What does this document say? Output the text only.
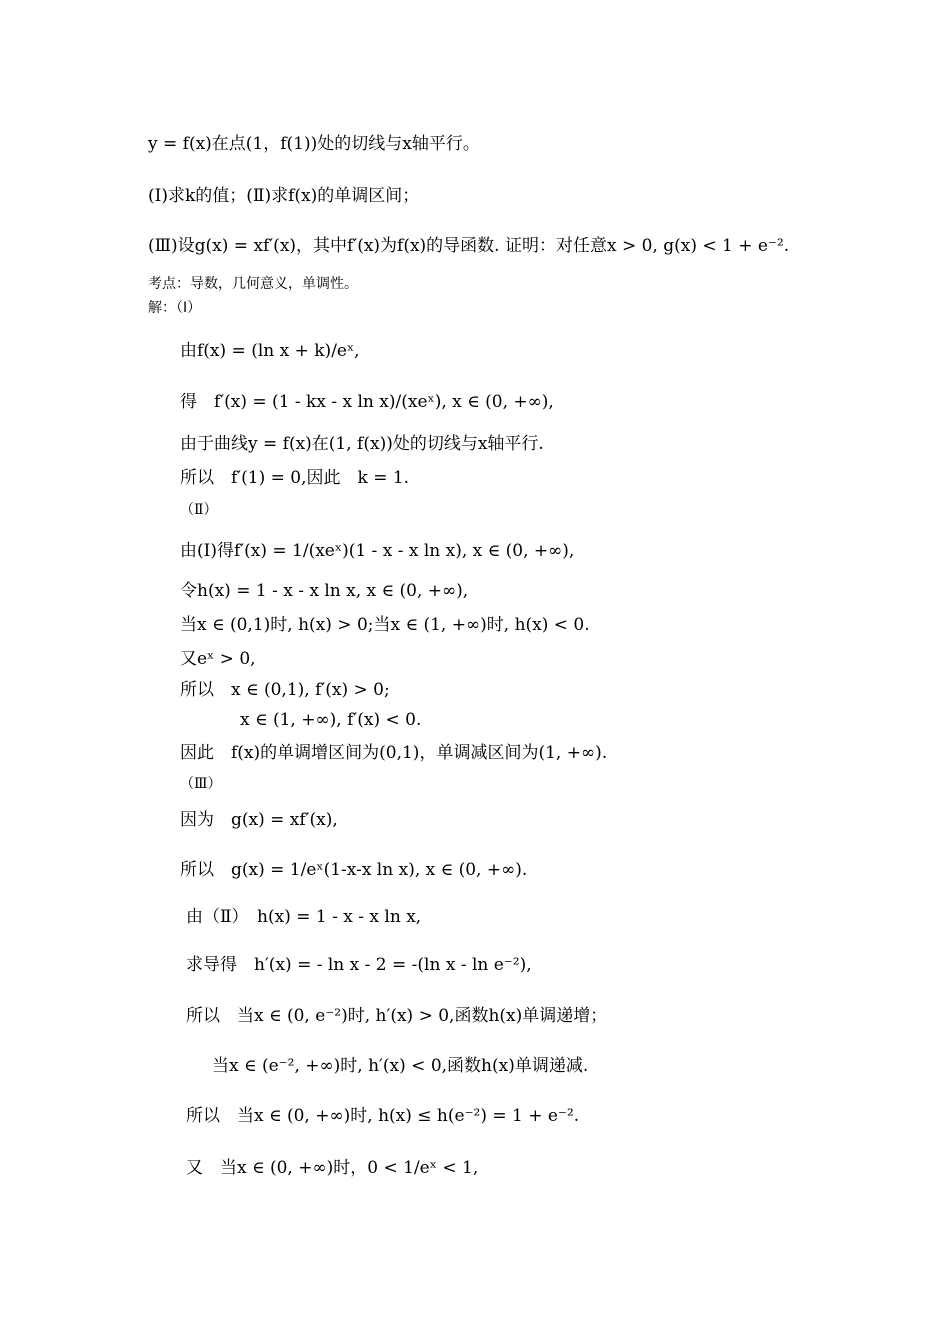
y = f(x)在点(1，f(1))处的切线与x轴平行。
(Ⅰ)求k的值；(Ⅱ)求f(x)的单调区间；
(Ⅲ)设g(x) = xf′(x)，其中f′(x)为f(x)的导函数. 证明：对任意x > 0, g(x) < 1 + e⁻².
考点：导数，几何意义，单调性。
解：（Ⅰ）
由f(x) = (ln x + k)/eˣ,
得　f′(x) = (1 - kx - x ln x)/(xeˣ), x ∈ (0, +∞),
由于曲线y = f(x)在(1, f(x))处的切线与x轴平行.
所以　f′(1) = 0,因此　k = 1.
（Ⅱ）
由(Ⅰ)得f′(x) = 1/(xeˣ)(1 - x - x ln x), x ∈ (0, +∞),
令h(x) = 1 - x - x ln x, x ∈ (0, +∞),
当x ∈ (0,1)时, h(x) > 0;当x ∈ (1, +∞)时, h(x) < 0.
又eˣ > 0,
所以　x ∈ (0,1), f′(x) > 0;
x ∈ (1, +∞), f′(x) < 0.
因此　f(x)的单调增区间为(0,1)，单调减区间为(1, +∞).
（Ⅲ）
因为　g(x) = xf′(x),
所以　g(x) = 1/eˣ(1-x-x ln x), x ∈ (0, +∞).
由（Ⅱ）　h(x) = 1 - x - x ln x,
求导得　h′(x) = - ln x - 2 = -(ln x - ln e⁻²),
所以　当x ∈ (0, e⁻²)时, h′(x) > 0,函数h(x)单调递增；
当x ∈ (e⁻², +∞)时, h′(x) < 0,函数h(x)单调递减.
所以　当x ∈ (0, +∞)时, h(x) ≤ h(e⁻²) = 1 + e⁻².
又　当x ∈ (0, +∞)时，0 < 1/eˣ < 1,
